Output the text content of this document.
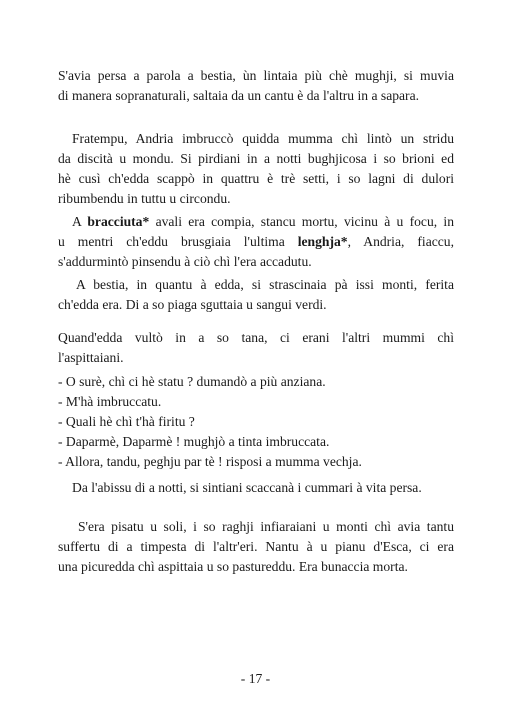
S'avia persa a parola a bestia, ùn lintaia più chè mughji, si muvia
di manera sopranaturali, saltaia da un cantu è da l'altru in a sapara.
Fratempu, Andria imbruccò quidda mumma chì lintò un stridu
da discità u mondu. Si pirdiani in a notti bughjicosa i so brioni ed
hè cusì ch'edda scappò in quattru è trè setti, i so lagni di dulori
ribumbendu in tuttu u circondu.
A bracciuta* avali era compia, stancu mortu, vicinu à u focu, in
u mentri ch'eddu brusgiaia l'ultima lenghja*, Andria, fiaccu,
s'addurmintò pinsendu à ciò chì l'era accadutu.
A bestia, in quantu à edda, si strascinaia pà issi monti, ferita
ch'edda era. Di a so piaga sguttaia u sangui verdi.
Quand'edda vultò in a so tana, ci erani l'altri mummi chì
l'aspittaiani.
- O surè, chì ci hè statu ? dumandò a più anziana.
- M'hà imbruccatu.
- Quali hè chì t'hà firitu ?
- Daparmè, Daparmè ! mughjò a tinta imbruccata.
- Allora, tandu, peghju par tè ! risposi a mumma vechja.
Da l'abissu di a notti, si sintiani scaccanà i cummari à vita persa.
S'era pisatu u soli, i so raghji infiaraiani u monti chì avia tantu
suffertu di a timpesta di l'altr'eri. Nantu à u pianu d'Esca, ci era
una picuredda chì aspittaia u so pastureddu. Era bunaccia morta.

- 17 -
